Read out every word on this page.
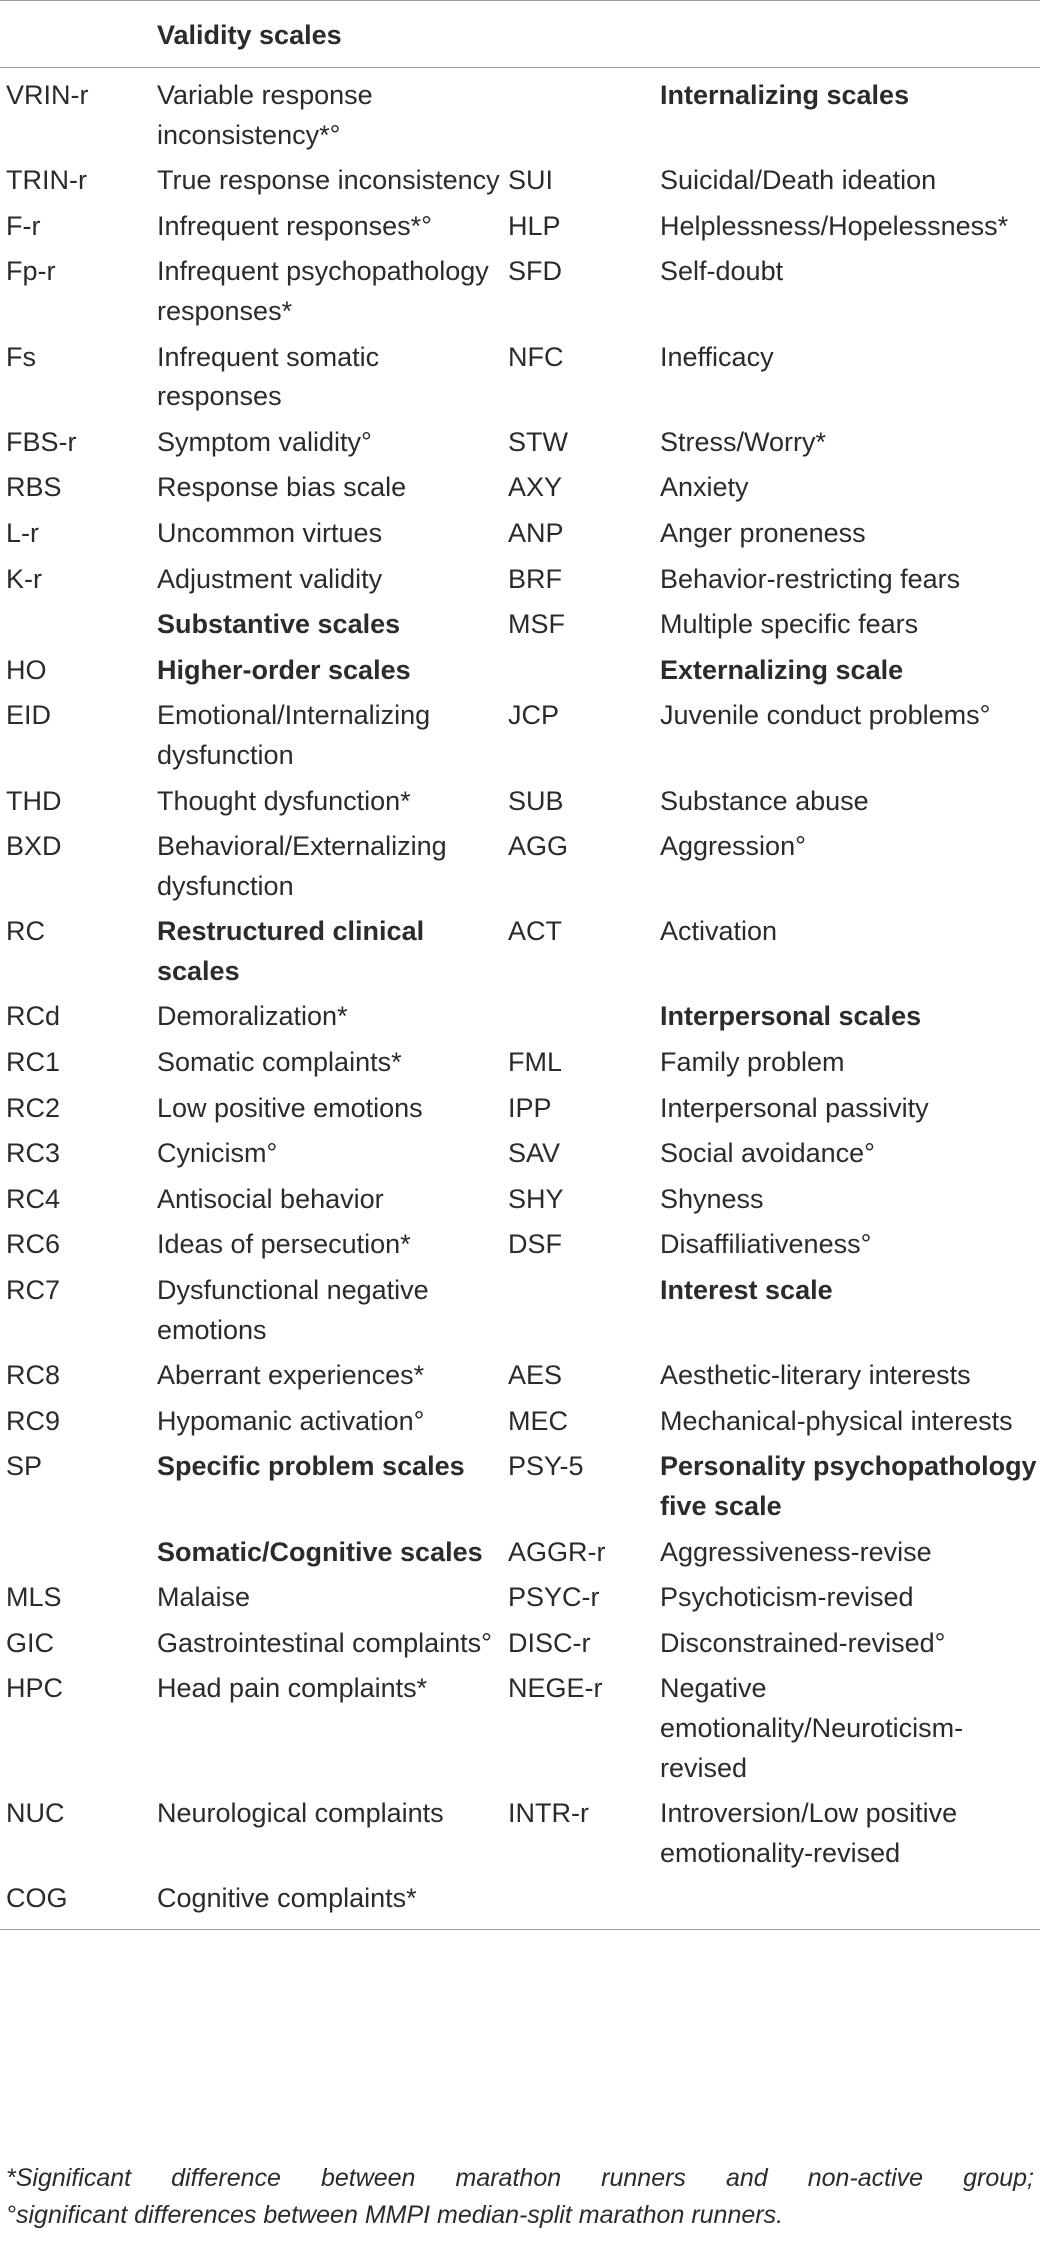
	Validity scales		
VRIN-r	Variable response inconsistency*°		Internalizing scales
TRIN-r	True response inconsistency	SUI	Suicidal/Death ideation
F-r	Infrequent responses*°	HLP	Helplessness/Hopelessness*
Fp-r	Infrequent psychopathology responses*	SFD	Self-doubt
Fs	Infrequent somatic responses	NFC	Inefficacy
FBS-r	Symptom validity°	STW	Stress/Worry*
RBS	Response bias scale	AXY	Anxiety
L-r	Uncommon virtues	ANP	Anger proneness
K-r	Adjustment validity	BRF	Behavior-restricting fears
	Substantive scales	MSF	Multiple specific fears
HO	Higher-order scales		Externalizing scale
EID	Emotional/Internalizing dysfunction	JCP	Juvenile conduct problems°
THD	Thought dysfunction*	SUB	Substance abuse
BXD	Behavioral/Externalizing dysfunction	AGG	Aggression°
RC	Restructured clinical scales	ACT	Activation
RCd	Demoralization*		Interpersonal scales
RC1	Somatic complaints*	FML	Family problem
RC2	Low positive emotions	IPP	Interpersonal passivity
RC3	Cynicism°	SAV	Social avoidance°
RC4	Antisocial behavior	SHY	Shyness
RC6	Ideas of persecution*	DSF	Disaffiliativeness°
RC7	Dysfunctional negative emotions		Interest scale
RC8	Aberrant experiences*	AES	Aesthetic-literary interests
RC9	Hypomanic activation°	MEC	Mechanical-physical interests
SP	Specific problem scales	PSY-5	Personality psychopathology five scale
	Somatic/Cognitive scales	AGGR-r	Aggressiveness-revise
MLS	Malaise	PSYC-r	Psychoticism-revised
GIC	Gastrointestinal complaints°	DISC-r	Disconstrained-revised°
HPC	Head pain complaints*	NEGE-r	Negative emotionality/Neuroticism-revised
NUC	Neurological complaints	INTR-r	Introversion/Low positive emotionality-revised
COG	Cognitive complaints*		
*Significant difference between marathon runners and non-active group;
°significant differences between MMPI median-split marathon runners.
